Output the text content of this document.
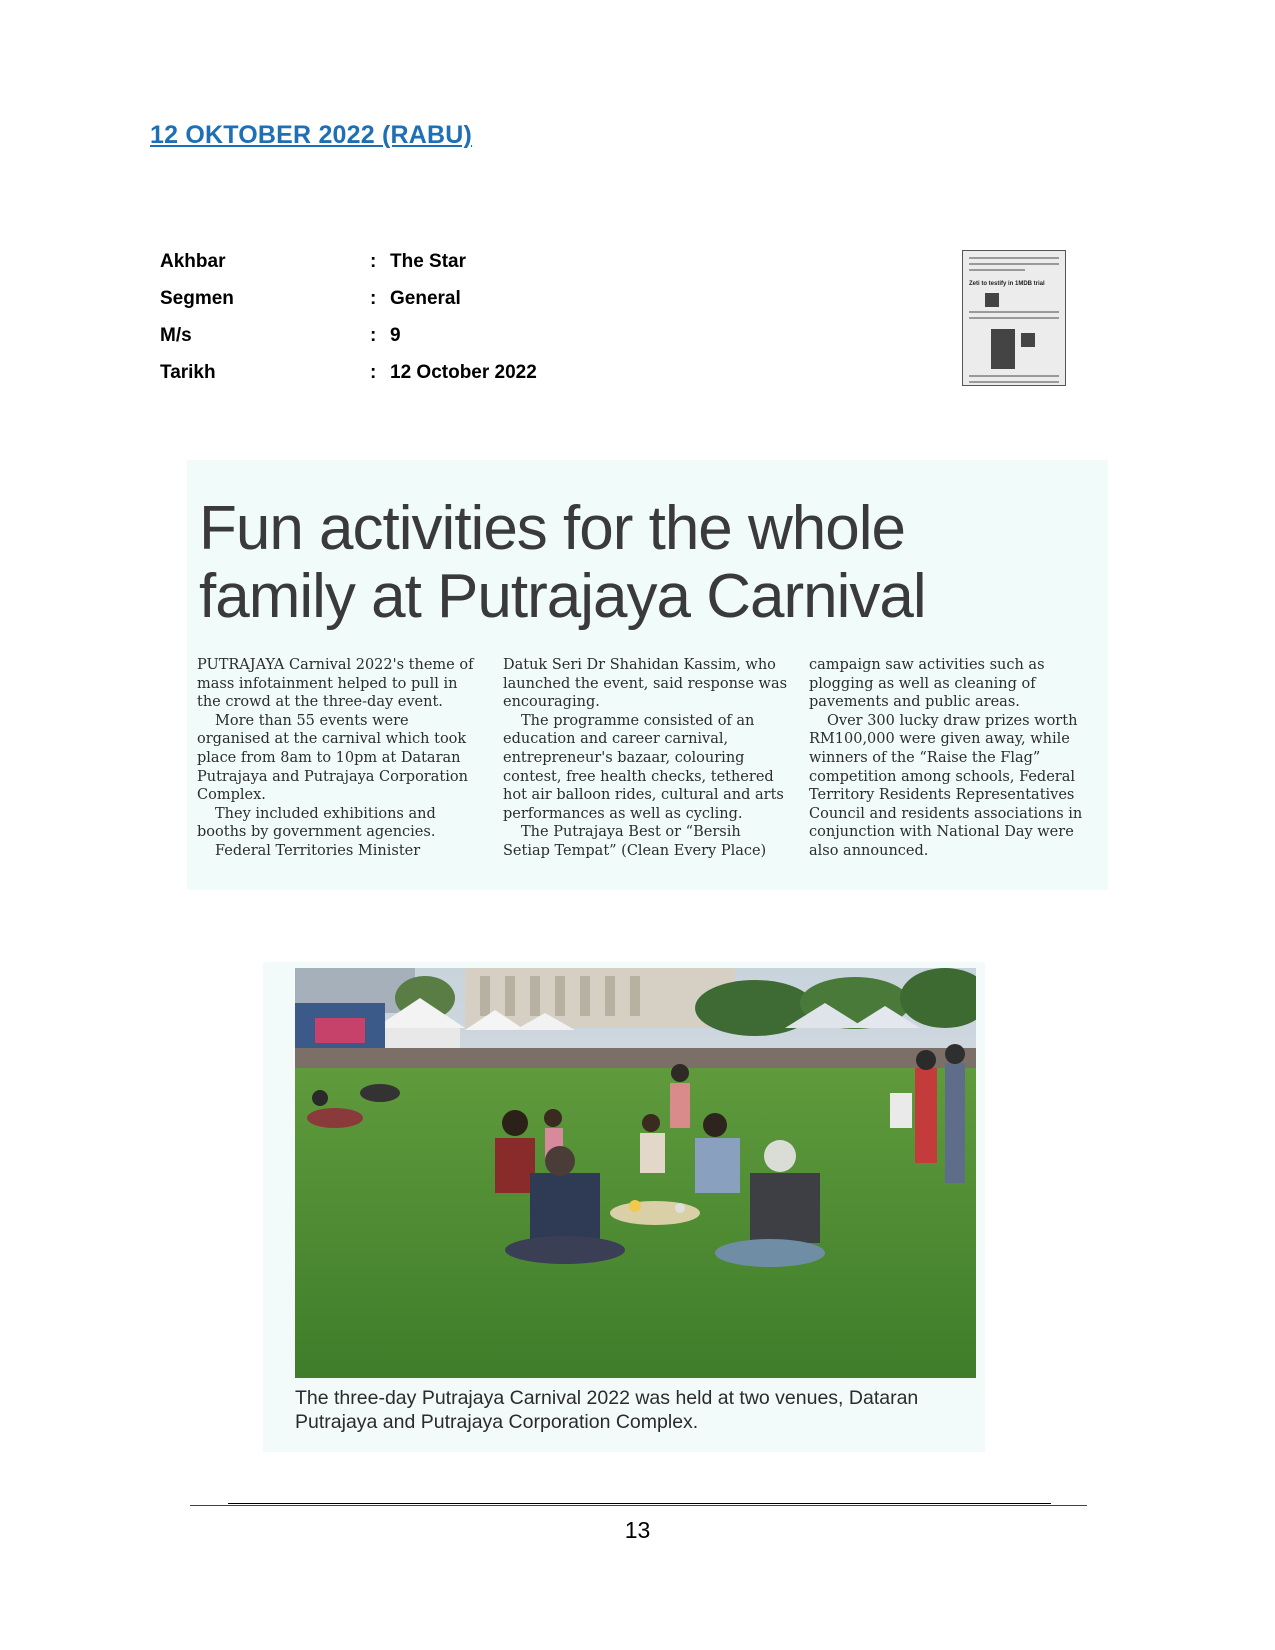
12 OKTOBER 2022 (RABU)
Akhbar	: The Star
Segmen	: General
M/s	: 9
Tarikh	: 12 October 2022
Zeti to testify in 1MDB trial
Fun activities for the whole
family at Putrajaya Carnival

PUTRAJAYA Carnival 2022's theme of mass infotainment helped to pull in the crowd at the three-day event.

More than 55 events were organised at the carnival which took place from 8am to 10pm at Dataran Putrajaya and Putrajaya Corporation Complex.

They included exhibitions and booths by government agencies.

Federal Territories Minister

Datuk Seri Dr Shahidan Kassim, who launched the event, said response was encouraging.

The programme consisted of an education and career carnival, entrepreneur's bazaar, colouring contest, free health checks, tethered hot air balloon rides, cultural and arts performances as well as cycling.

The Putrajaya Best or “Bersih Setiap Tempat” (Clean Every Place)

campaign saw activities such as plogging as well as cleaning of pavements and public areas.

Over 300 lucky draw prizes worth RM100,000 were given away, while winners of the “Raise the Flag” competition among schools, Federal Territory Residents Representatives Council and residents associations in conjunction with National Day were also announced.

The three-day Putrajaya Carnival 2022 was held at two venues, Dataran Putrajaya and Putrajaya Corporation Complex.
13
